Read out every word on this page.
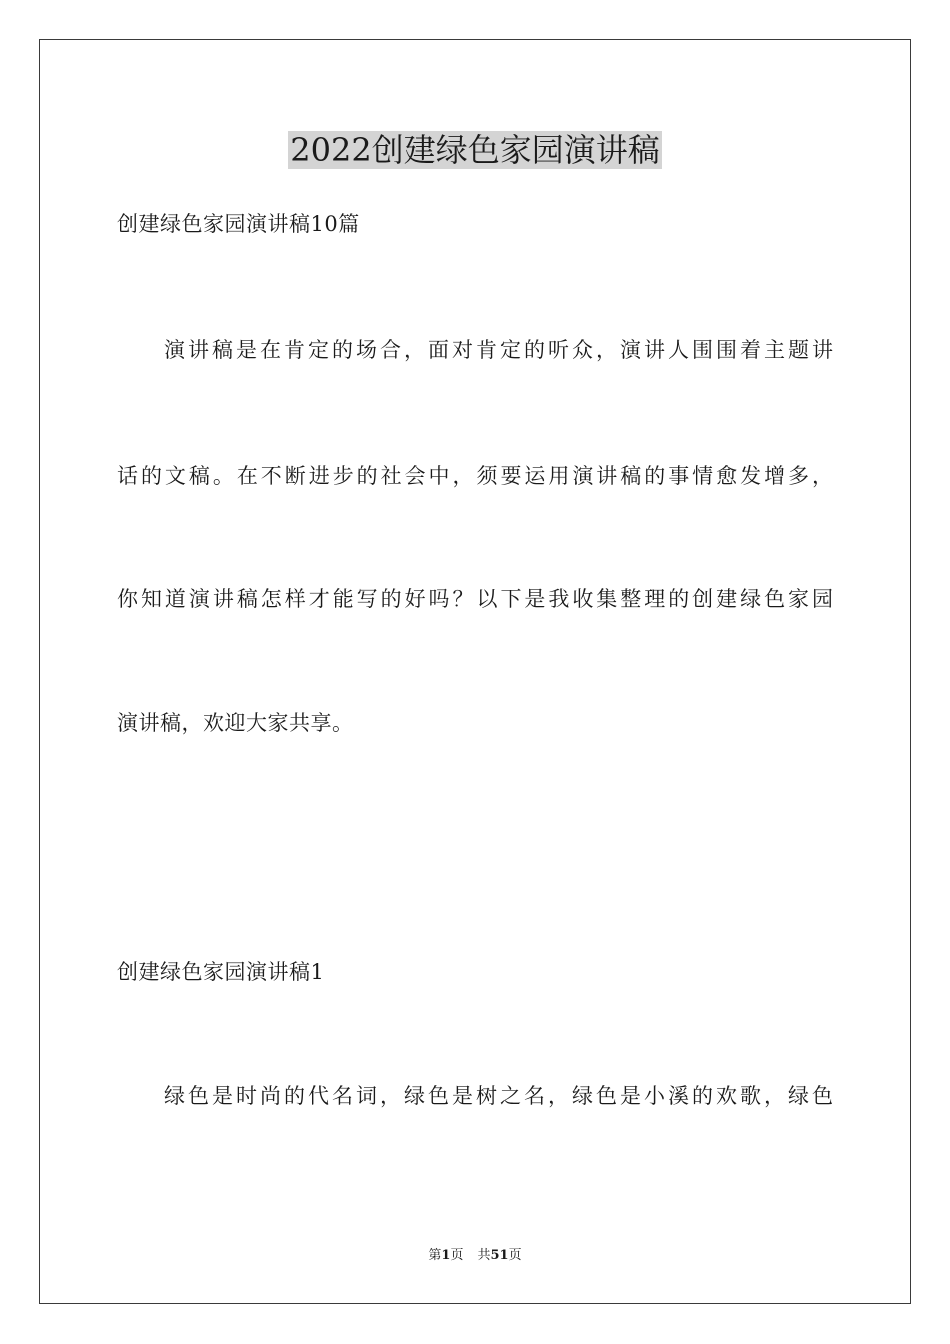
2022创建绿色家园演讲稿
创建绿色家园演讲稿10篇
演讲稿是在肯定的场合，面对肯定的听众，演讲人围围着主题讲
话的文稿。在不断进步的社会中，须要运用演讲稿的事情愈发增多，
你知道演讲稿怎样才能写的好吗？以下是我收集整理的创建绿色家园
演讲稿，欢迎大家共享。
创建绿色家园演讲稿1
绿色是时尚的代名词，绿色是树之名，绿色是小溪的欢歌，绿色
第1页 共51页
